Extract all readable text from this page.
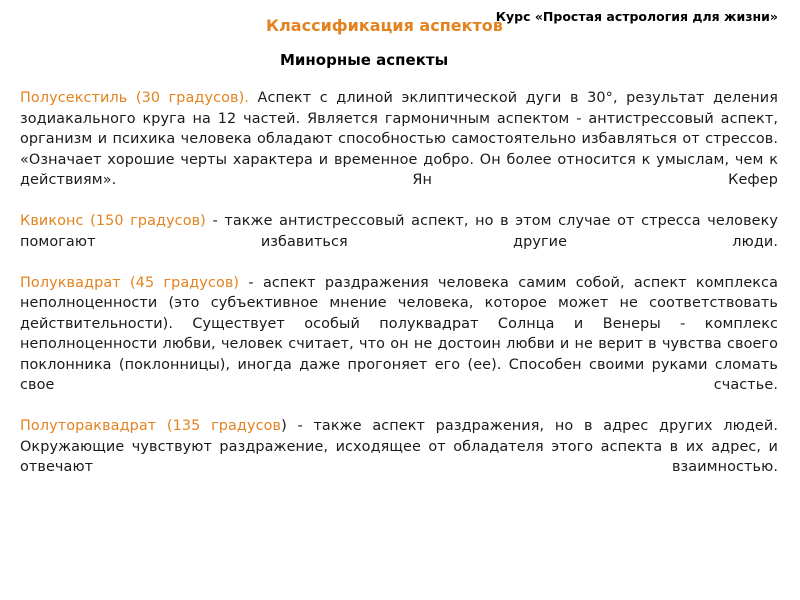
Курс «Простая астрология для жизни»
Классификация аспектов
Минорные аспекты

Полусекстиль (30 градусов). Аспект с длиной эклиптической дуги в 30°, результат деления зодиакального круга на 12 частей. Является гармоничным аспектом - антистрессовый аспект, организм и психика человека обладают способностью самостоятельно избавляться от стрессов. «Означает хорошие черты характера и временное добро. Он более относится к умыслам, чем к действиям». Ян Кефер

Квиконс (150 градусов) - также антистрессовый аспект, но в этом случае от стресса человеку помогают избавиться другие люди.

Полуквадрат (45 градусов) - аспект раздражения человека самим собой, аспект комплекса неполноценности (это субъективное мнение человека, которое может не соответствовать действительности). Существует особый полуквадрат Солнца и Венеры - комплекс неполноценности любви, человек считает, что он не достоин любви и не верит в чувства своего поклонника (поклонницы), иногда даже прогоняет его (ее). Способен своими руками сломать свое счастье.

Полутораквадрат (135 градусов) - также аспект раздражения, но в адрес других людей. Окружающие чувствуют раздражение, исходящее от обладателя этого аспекта в их адрес, и отвечают взаимностью.
